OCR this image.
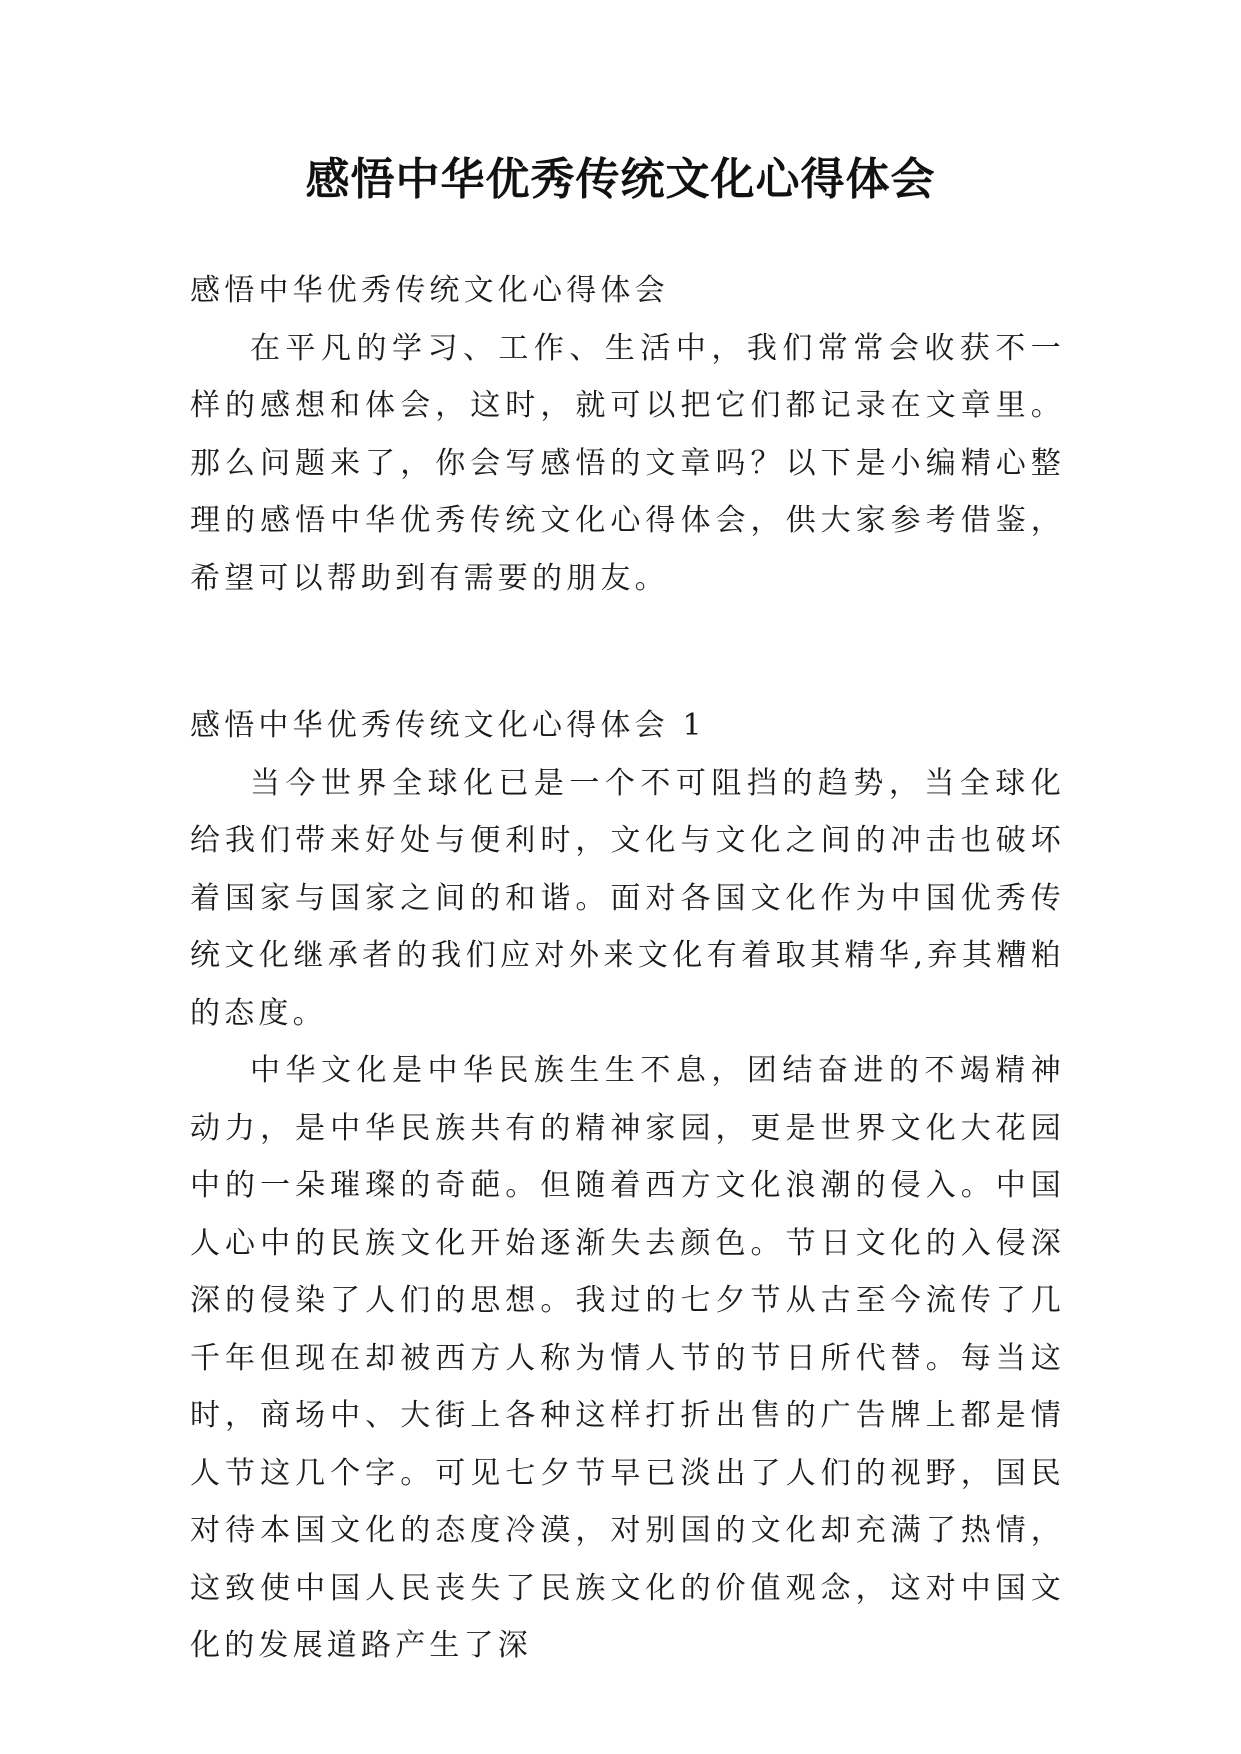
感悟中华优秀传统文化心得体会

感悟中华优秀传统文化心得体会

在平凡的学习、工作、生活中，我们常常会收获不一样的感想和体会，这时，就可以把它们都记录在文章里。那么问题来了，你会写感悟的文章吗？以下是小编精心整理的感悟中华优秀传统文化心得体会，供大家参考借鉴，希望可以帮助到有需要的朋友。

感悟中华优秀传统文化心得体会 1

当今世界全球化已是一个不可阻挡的趋势，当全球化给我们带来好处与便利时，文化与文化之间的冲击也破坏着国家与国家之间的和谐。面对各国文化作为中国优秀传统文化继承者的我们应对外来文化有着取其精华,弃其糟粕的态度。

中华文化是中华民族生生不息，团结奋进的不竭精神动力，是中华民族共有的精神家园，更是世界文化大花园中的一朵璀璨的奇葩。但随着西方文化浪潮的侵入。中国人心中的民族文化开始逐渐失去颜色。节日文化的入侵深深的侵染了人们的思想。我过的七夕节从古至今流传了几千年但现在却被西方人称为情人节的节日所代替。每当这时，商场中、大街上各种这样打折出售的广告牌上都是情人节这几个字。可见七夕节早已淡出了人们的视野，国民对待本国文化的态度冷漠，对别国的文化却充满了热情，这致使中国人民丧失了民族文化的价值观念，这对中国文化的发展道路产生了深
